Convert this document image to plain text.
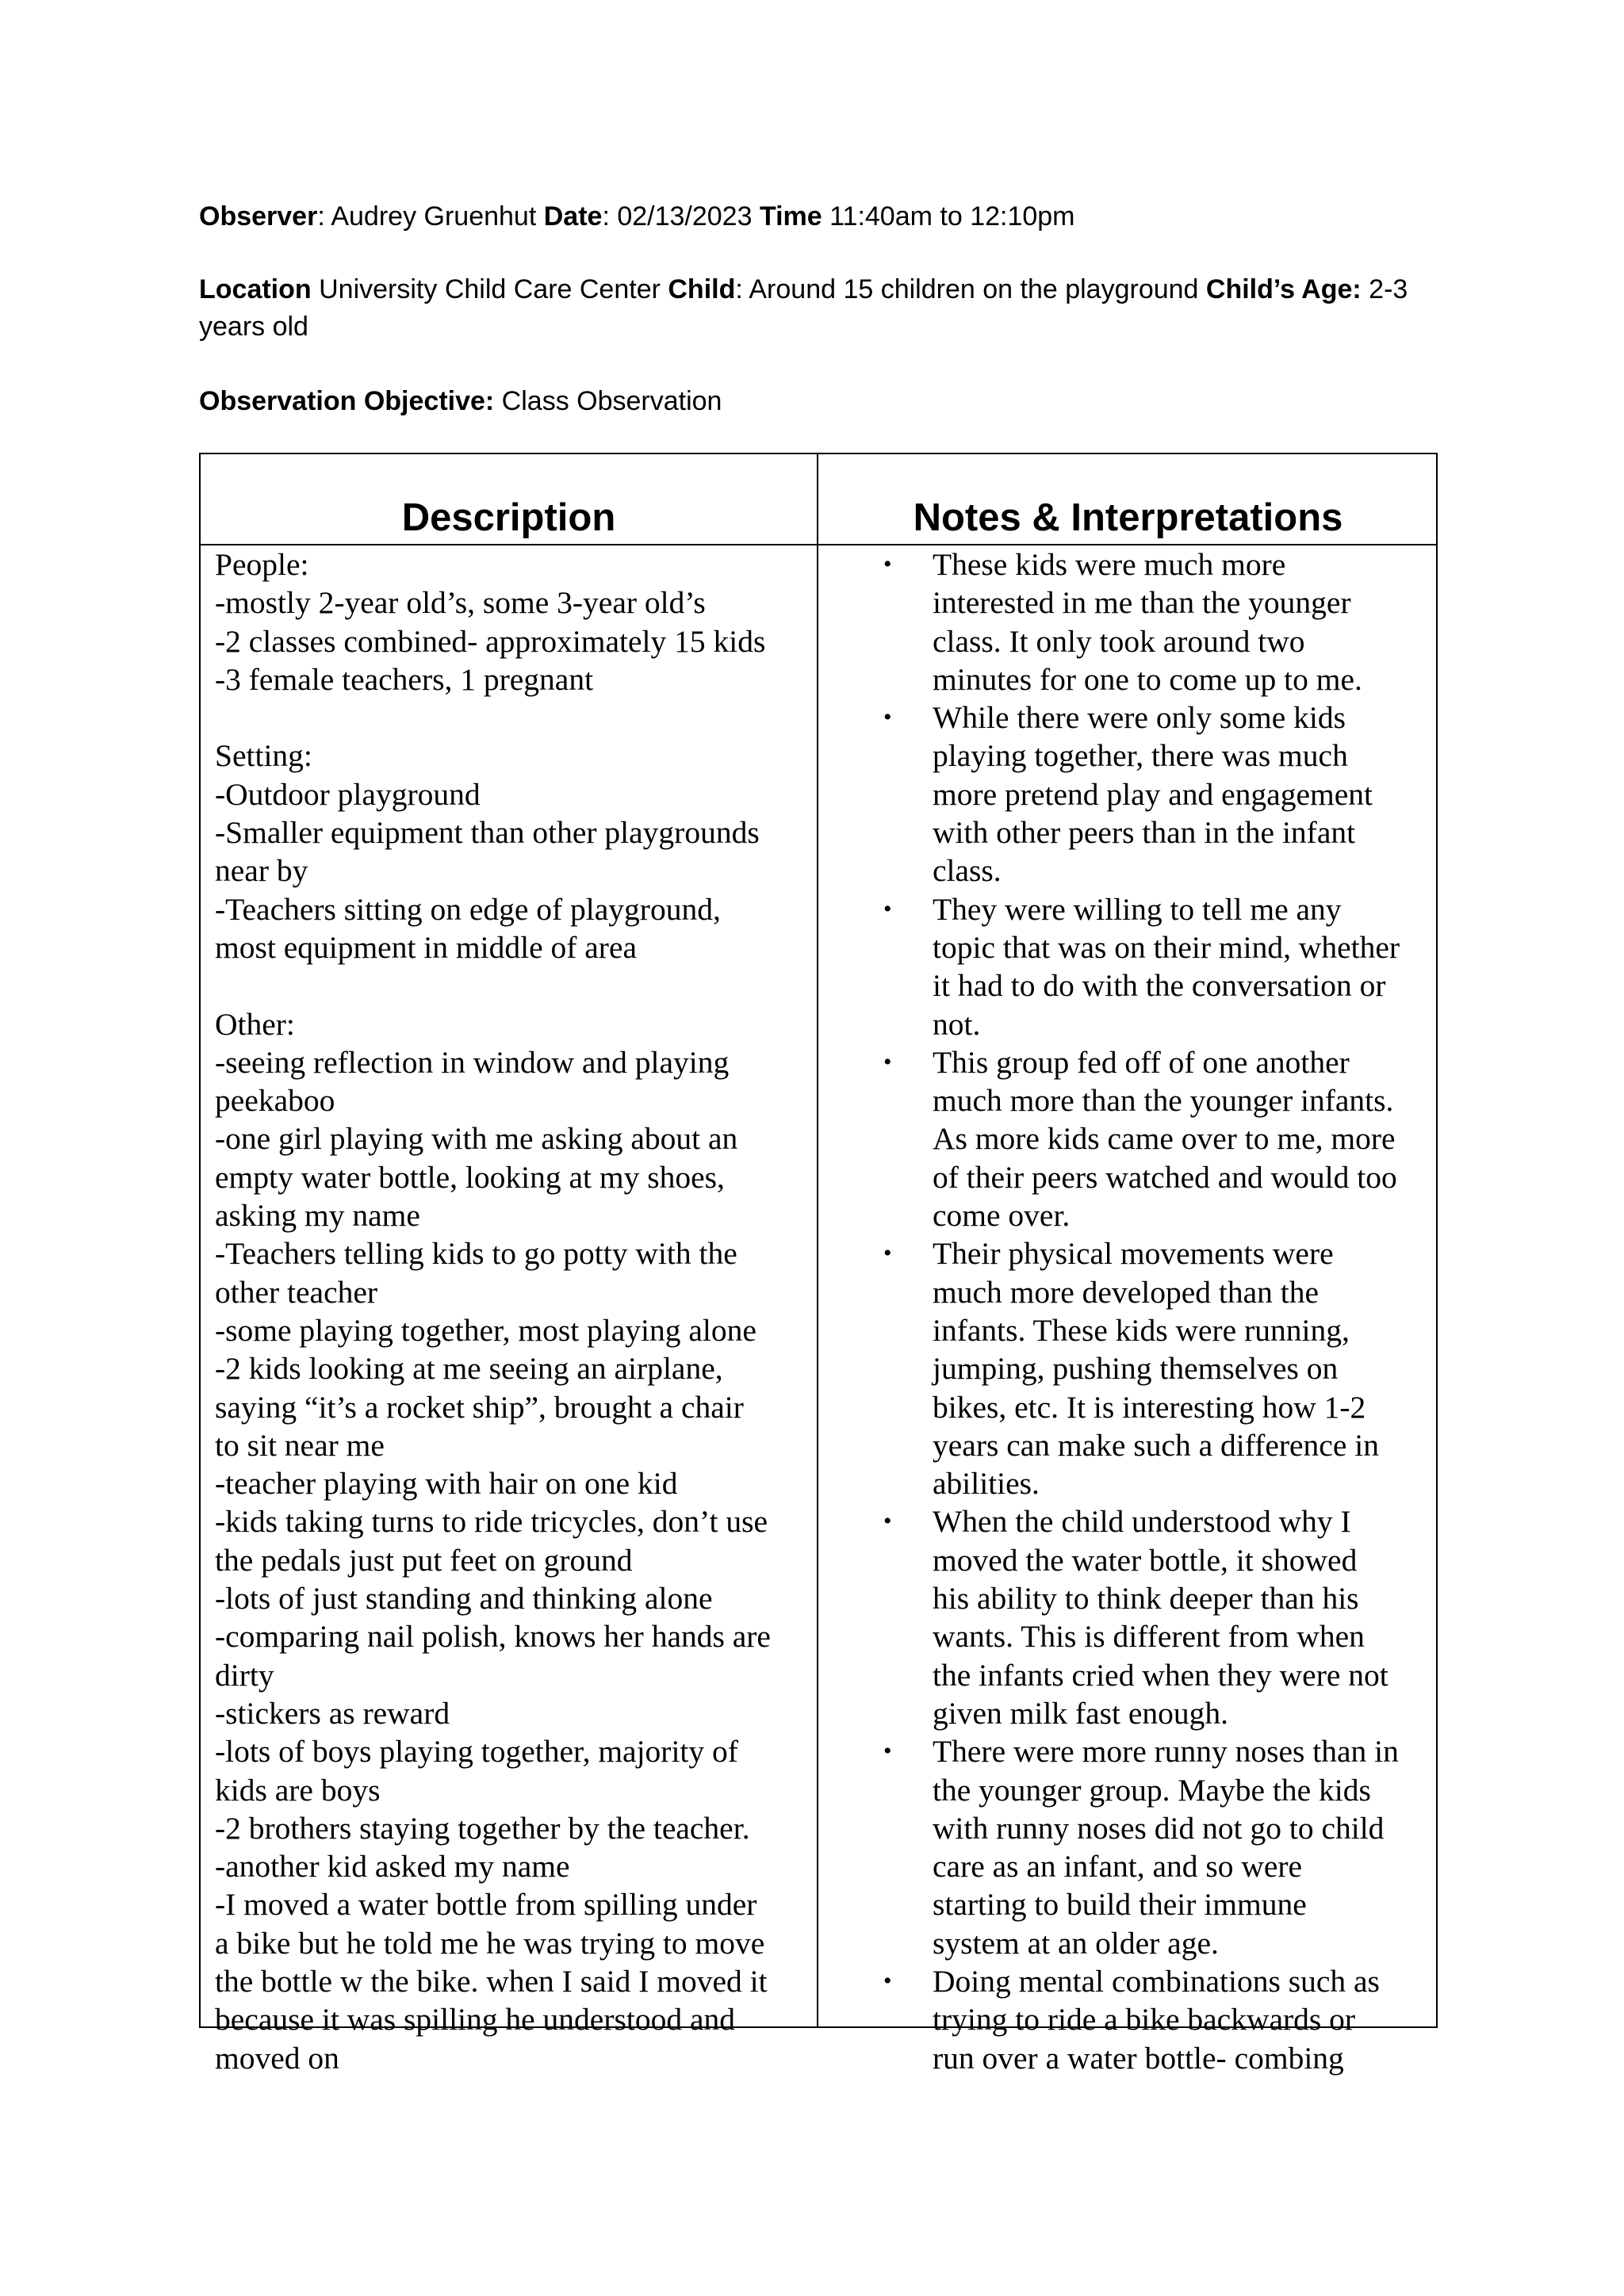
Observer: Audrey Gruenhut Date: 02/13/2023 Time 11:40am to 12:10pm
Location University Child Care Center Child: Around 15 children on the playground Child’s Age: 2-3 years old
Observation Objective: Class Observation
Description	Notes & Interpretations
People:
-mostly 2-year old’s, some 3-year old’s
-2 classes combined- approximately 15 kids
-3 female teachers, 1 pregnant
Setting:
-Outdoor playground
-Smaller equipment than other playgrounds
near by
-Teachers sitting on edge of playground,
most equipment in middle of area
Other:
-seeing reflection in window and playing
peekaboo
-one girl playing with me asking about an
empty water bottle, looking at my shoes,
asking my name
-Teachers telling kids to go potty with the
other teacher
-some playing together, most playing alone
-2 kids looking at me seeing an airplane,
saying “it’s a rocket ship”, brought a chair
to sit near me
-teacher playing with hair on one kid
-kids taking turns to ride tricycles, don’t use
the pedals just put feet on ground
-lots of just standing and thinking alone
-comparing nail polish, knows her hands are
dirty
-stickers as reward
-lots of boys playing together, majority of
kids are boys
-2 brothers staying together by the teacher.
-another kid asked my name
-I moved a water bottle from spilling under
a bike but he told me he was trying to move
the bottle w the bike. when I said I moved it
because it was spilling he understood and
moved on
• These kids were much more
interested in me than the younger
class. It only took around two
minutes for one to come up to me.
• While there were only some kids
playing together, there was much
more pretend play and engagement
with other peers than in the infant
class.
• They were willing to tell me any
topic that was on their mind, whether
it had to do with the conversation or
not.
• This group fed off of one another
much more than the younger infants.
As more kids came over to me, more
of their peers watched and would too
come over.
• Their physical movements were
much more developed than the
infants. These kids were running,
jumping, pushing themselves on
bikes, etc. It is interesting how 1-2
years can make such a difference in
abilities.
• When the child understood why I
moved the water bottle, it showed
his ability to think deeper than his
wants. This is different from when
the infants cried when they were not
given milk fast enough.
• There were more runny noses than in
the younger group. Maybe the kids
with runny noses did not go to child
care as an infant, and so were
starting to build their immune
system at an older age.
• Doing mental combinations such as
trying to ride a bike backwards or
run over a water bottle- combing
